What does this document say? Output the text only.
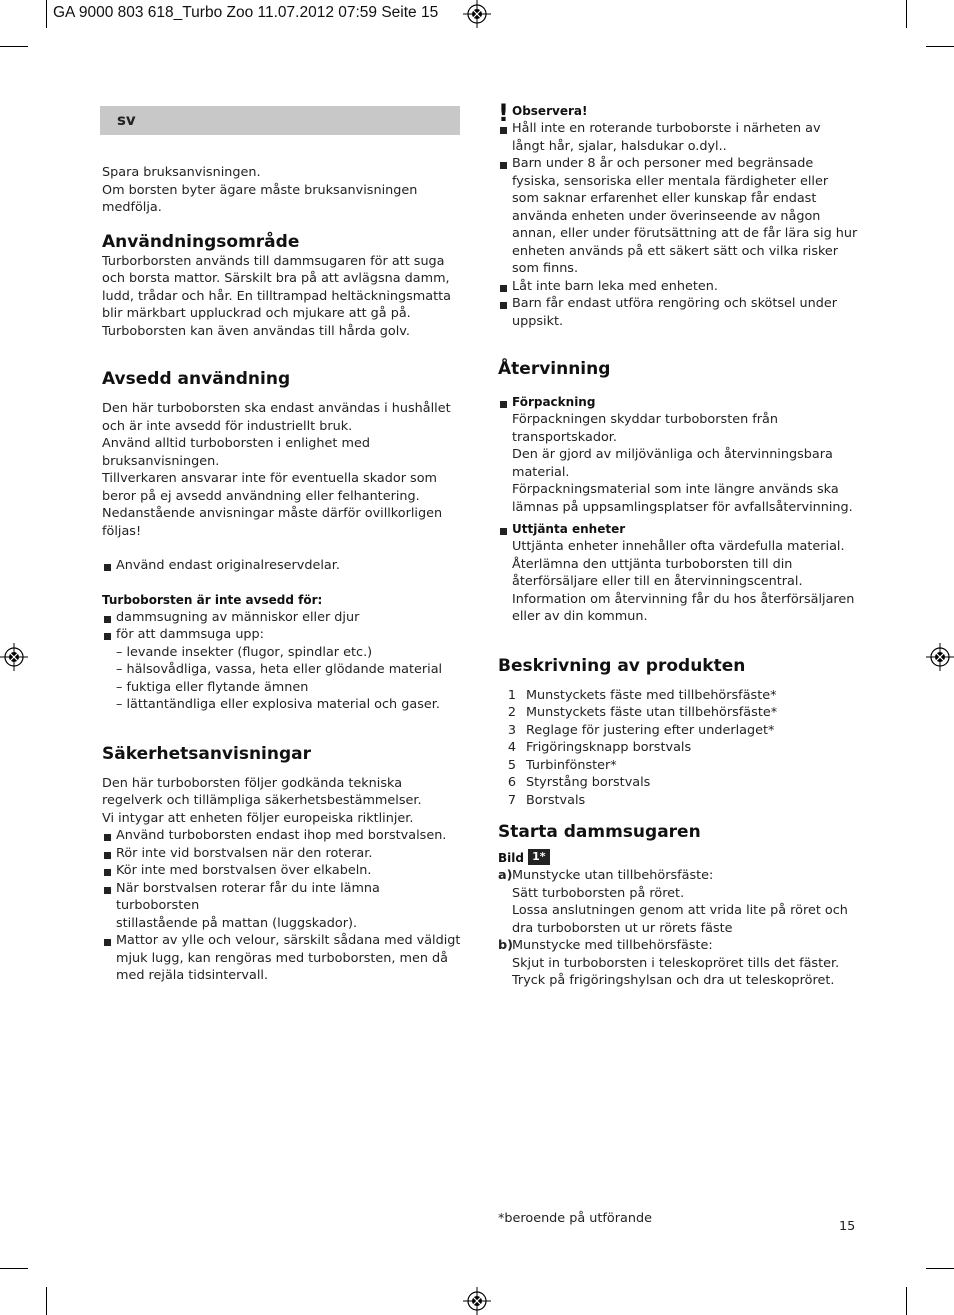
GA 9000 803 618_Turbo Zoo 11.07.2012 07:59 Seite 15
sv
Spara bruksanvisningen.
Om borsten byter ägare måste bruksanvisningen
medfölja.
Användningsområde
Turborborsten används till dammsugaren för att suga
och borsta mattor. Särskilt bra på att avlägsna damm,
ludd, trådar och hår. En tilltrampad heltäckningsmatta
blir märkbart uppluckrad och mjukare att gå på.
Turboborsten kan även användas till hårda golv.
Avsedd användning
Den här turboborsten ska endast användas i hushållet
och är inte avsedd för industriellt bruk.
Använd alltid turboborsten i enlighet med
bruksanvisningen.
Tillverkaren ansvarar inte för eventuella skador som
beror på ej avsedd användning eller felhantering.
Nedanstående anvisningar måste därför ovillkorligen
följas!
Använd endast originalreservdelar.
Turboborsten är inte avsedd för:
dammsugning av människor eller djur
för att dammsuga upp:
– levande insekter (flugor, spindlar etc.)
– hälsovådliga, vassa, heta eller glödande material
– fuktiga eller flytande ämnen
– lättantändliga eller explosiva material och gaser.
Säkerhetsanvisningar
Den här turboborsten följer godkända tekniska
regelverk och tillämpliga säkerhetsbestämmelser.
Vi intygar att enheten följer europeiska riktlinjer.
Använd turboborsten endast ihop med borstvalsen.
Rör inte vid borstvalsen när den roterar.
Kör inte med borstvalsen över elkabeln.
När borstvalsen roterar får du inte lämna turboborsten
stillastående på mattan (luggskador).
Mattor av ylle och velour, särskilt sådana med väldigt
mjuk lugg, kan rengöras med turboborsten, men då
med rejäla tidsintervall.
! Observera!
Håll inte en roterande turboborste i närheten av
långt hår, sjalar, halsdukar o.dyl..
Barn under 8 år och personer med begränsade
fysiska, sensoriska eller mentala färdigheter eller
som saknar erfarenhet eller kunskap får endast
använda enheten under överinseende av någon
annan, eller under förutsättning att de får lära sig hur
enheten används på ett säkert sätt och vilka risker
som finns.
Låt inte barn leka med enheten.
Barn får endast utföra rengöring och skötsel under
uppsikt.
Återvinning
Förpackning
Förpackningen skyddar turboborsten från
transportskador.
Den är gjord av miljövänliga och återvinningsbara
material.
Förpackningsmaterial som inte längre används ska
lämnas på uppsamlingsplatser för avfallsåtervinning.
Uttjänta enheter
Uttjänta enheter innehåller ofta värdefulla material.
Återlämna den uttjänta turboborsten till din
återförsäljare eller till en återvinningscentral.
Information om återvinning får du hos återförsäljaren
eller av din kommun.
Beskrivning av produkten
1 Munstyckets fäste med tillbehörsfäste*
2 Munstyckets fäste utan tillbehörsfäste*
3 Reglage för justering efter underlaget*
4 Frigöringsknapp borstvals
5 Turbinfönster*
6 Styrstång borstvals
7 Borstvals
Starta dammsugaren
Bild 1*
a) Munstycke utan tillbehörsfäste:
Sätt turboborsten på röret.
Lossa anslutningen genom att vrida lite på röret och
dra turboborsten ut ur rörets fäste
b)
Munstycke med tillbehörsfäste:
Skjut in turboborsten i teleskopröret tills det fäster.
Tryck på frigöringshylsan och dra ut teleskopröret.
*beroende på utförande
15
